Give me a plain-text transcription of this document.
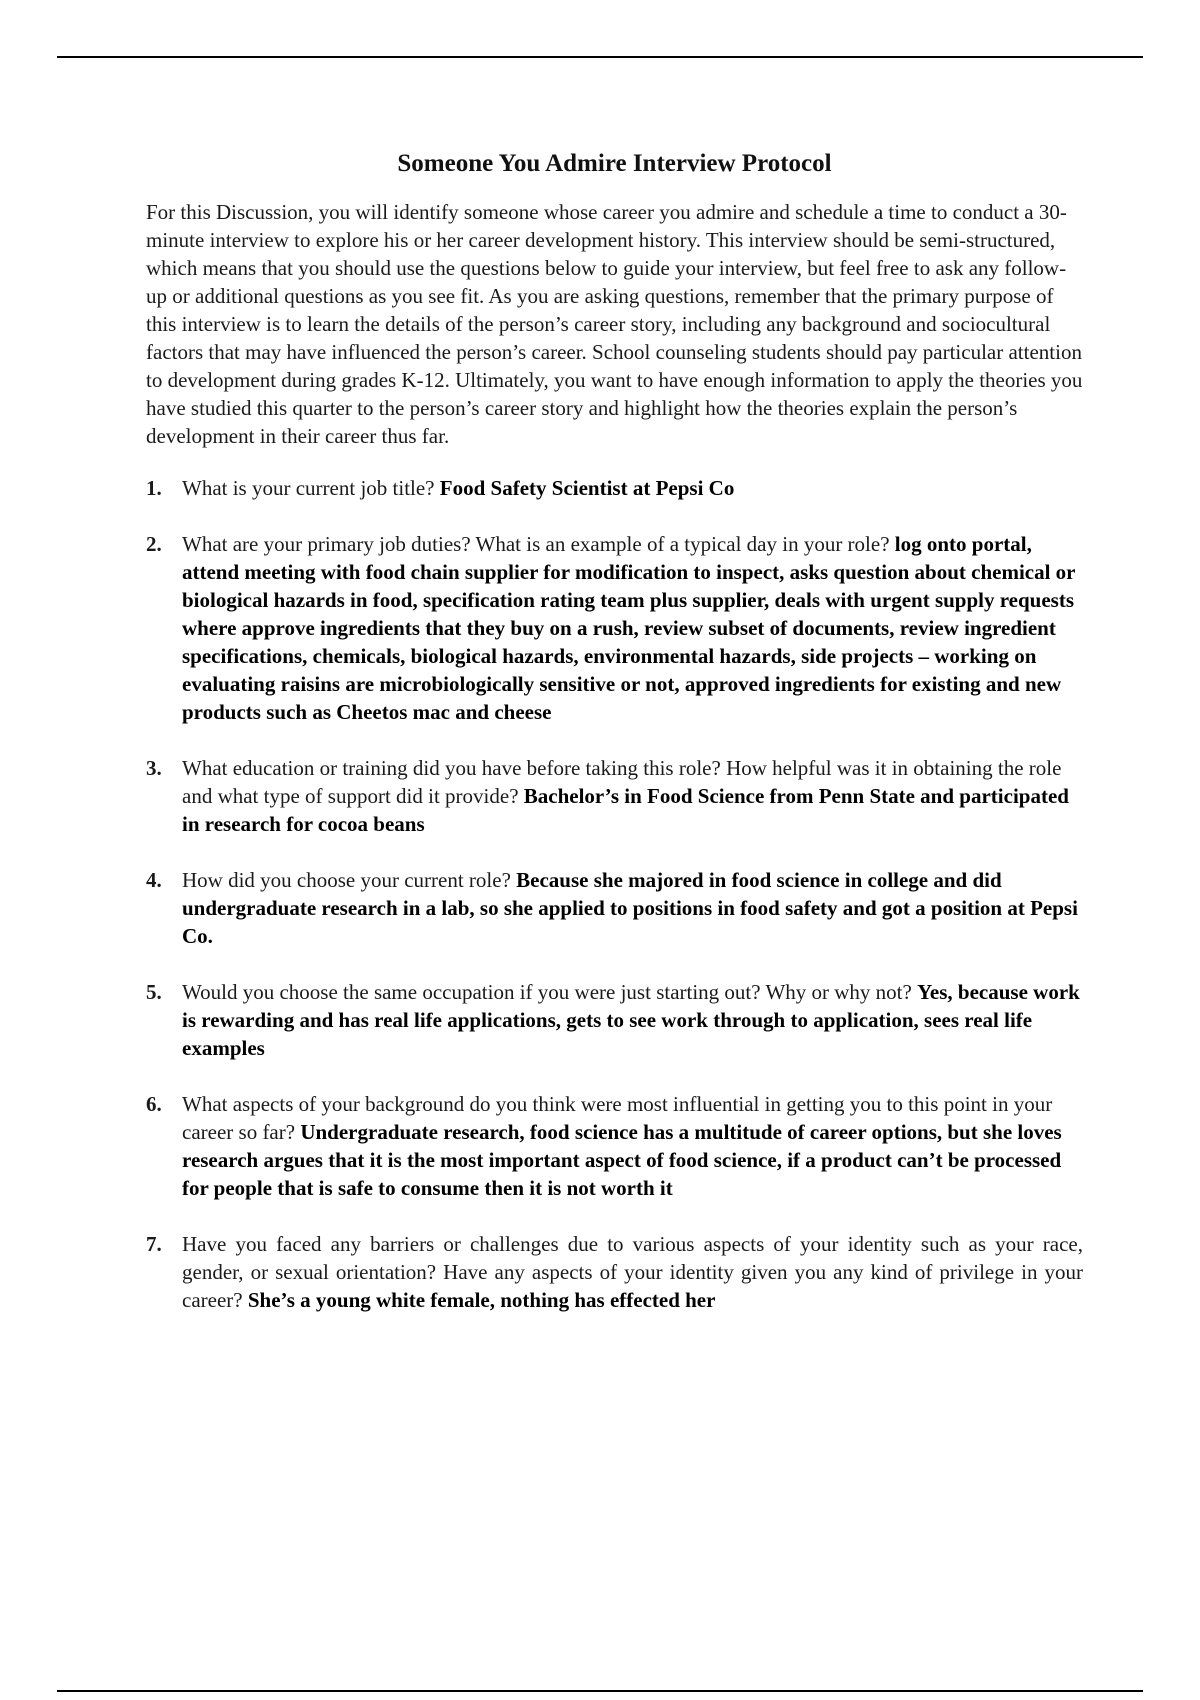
Someone You Admire Interview Protocol

For this Discussion, you will identify someone whose career you admire and schedule a time to conduct a 30-minute interview to explore his or her career development history. This interview should be semi-structured, which means that you should use the questions below to guide your interview, but feel free to ask any follow-up or additional questions as you see fit. As you are asking questions, remember that the primary purpose of this interview is to learn the details of the person’s career story, including any background and sociocultural factors that may have influenced the person’s career. School counseling students should pay particular attention to development during grades K-12. Ultimately, you want to have enough information to apply the theories you have studied this quarter to the person’s career story and highlight how the theories explain the person’s development in their career thus far.

1. What is your current job title? Food Safety Scientist at Pepsi Co
2. What are your primary job duties? What is an example of a typical day in your role? log onto portal, attend meeting with food chain supplier for modification to inspect, asks question about chemical or biological hazards in food, specification rating team plus supplier, deals with urgent supply requests where approve ingredients that they buy on a rush, review subset of documents, review ingredient specifications, chemicals, biological hazards, environmental hazards, side projects – working on evaluating raisins are microbiologically sensitive or not, approved ingredients for existing and new products such as Cheetos mac and cheese
3. What education or training did you have before taking this role? How helpful was it in obtaining the role and what type of support did it provide? Bachelor’s in Food Science from Penn State and participated in research for cocoa beans
4. How did you choose your current role? Because she majored in food science in college and did undergraduate research in a lab, so she applied to positions in food safety and got a position at Pepsi Co.
5. Would you choose the same occupation if you were just starting out? Why or why not? Yes, because work is rewarding and has real life applications, gets to see work through to application, sees real life examples
6. What aspects of your background do you think were most influential in getting you to this point in your career so far? Undergraduate research, food science has a multitude of career options, but she loves research argues that it is the most important aspect of food science, if a product can’t be processed for people that is safe to consume then it is not worth it
7. Have you faced any barriers or challenges due to various aspects of your identity such as your race, gender, or sexual orientation? Have any aspects of your identity given you any kind of privilege in your career? She’s a young white female, nothing has effected her
